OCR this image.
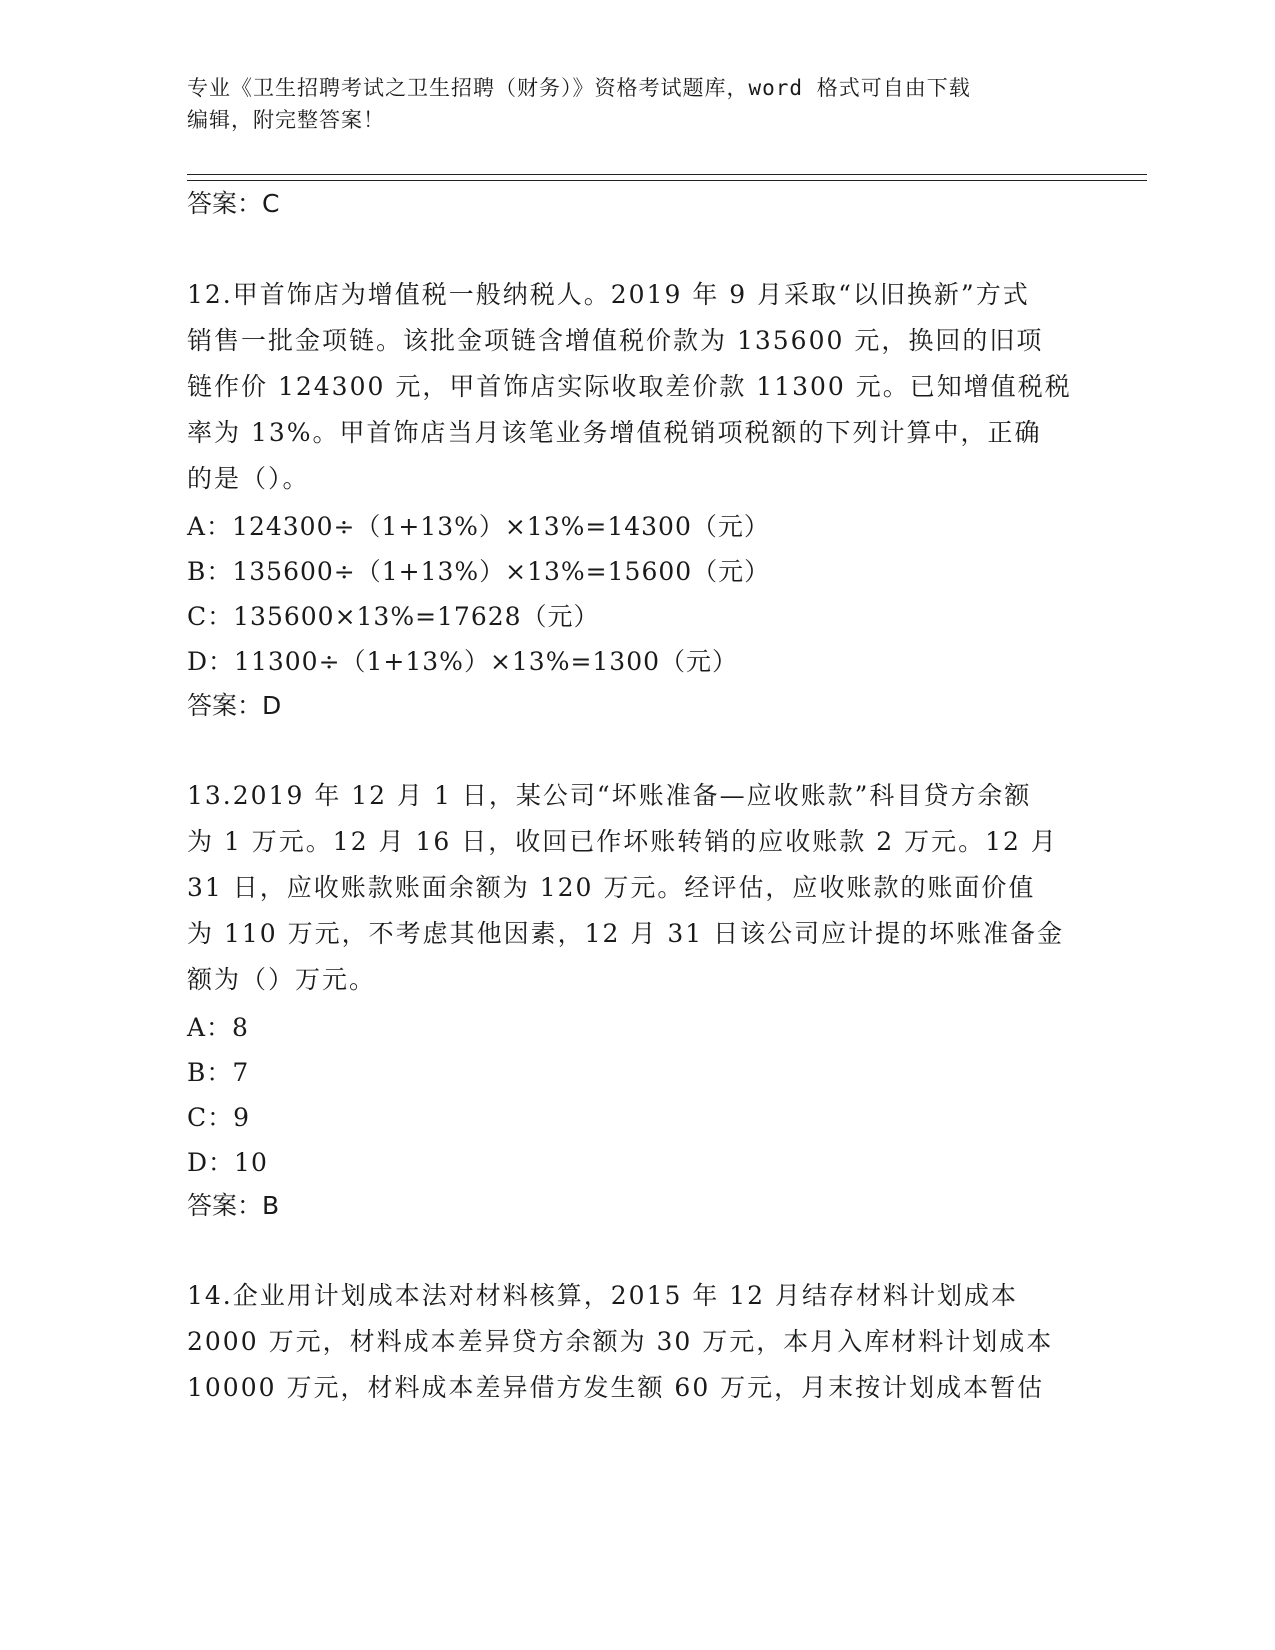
专业《卫生招聘考试之卫生招聘（财务）》资格考试题库，word 格式可自由下载
编辑，附完整答案！
答案：C

12.甲首饰店为增值税一般纳税人。2019 年 9 月采取“以旧换新”方式

销售一批金项链。该批金项链含增值税价款为 135600 元，换回的旧项

链作价 124300 元，甲首饰店实际收取差价款 11300 元。已知增值税税

率为 13%。甲首饰店当月该笔业务增值税销项税额的下列计算中，正确

的是（）。

A：124300÷（1+13%）×13%=14300（元）
B：135600÷（1+13%）×13%=15600（元）
C：135600×13%=17628（元）
D：11300÷（1+13%）×13%=1300（元）
答案：D

13.2019 年 12 月 1 日，某公司“坏账准备—应收账款”科目贷方余额

为 1 万元。12 月 16 日，收回已作坏账转销的应收账款 2 万元。12 月

31 日，应收账款账面余额为 120 万元。经评估，应收账款的账面价值

为 110 万元，不考虑其他因素，12 月 31 日该公司应计提的坏账准备金

额为（）万元。

A：8
B：7
C：9
D：10
答案：B

14.企业用计划成本法对材料核算，2015 年 12 月结存材料计划成本

2000 万元，材料成本差异贷方余额为 30 万元，本月入库材料计划成本

10000 万元，材料成本差异借方发生额 60 万元，月末按计划成本暂估
